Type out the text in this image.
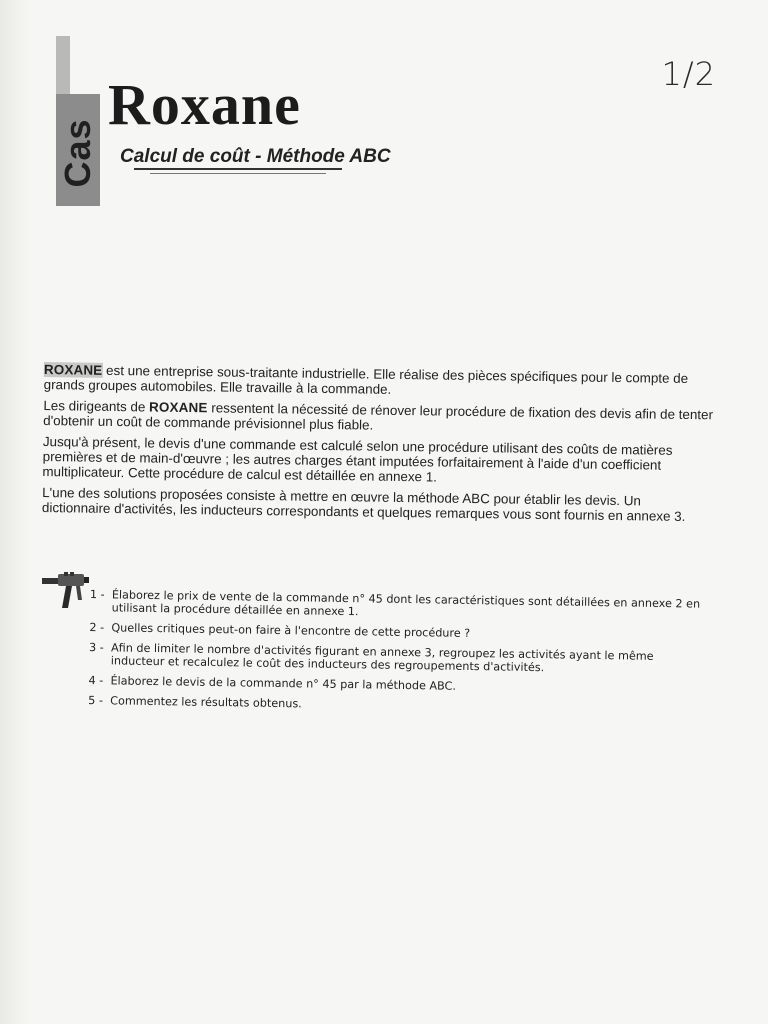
1/2
Cas
Roxane
Calcul de coût - Méthode ABC

ROXANE est une entreprise sous-traitante industrielle. Elle réalise des pièces spécifiques pour le compte de grands groupes automobiles. Elle travaille à la commande.

Les dirigeants de ROXANE ressentent la nécessité de rénover leur procédure de fixation des devis afin de tenter d'obtenir un coût de commande prévisionnel plus fiable.

Jusqu'à présent, le devis d'une commande est calculé selon une procédure utilisant des coûts de matières premières et de main-d'œuvre ; les autres charges étant imputées forfaitairement à l'aide d'un coefficient multiplicateur. Cette procédure de calcul est détaillée en annexe 1.

L'une des solutions proposées consiste à mettre en œuvre la méthode ABC pour établir les devis. Un dictionnaire d'activités, les inducteurs correspondants et quelques remarques vous sont fournis en annexe 3.

1 - Élaborez le prix de vente de la commande n° 45 dont les caractéristiques sont détaillées en annexe 2 en utilisant la procédure détaillée en annexe 1.
2 - Quelles critiques peut-on faire à l'encontre de cette procédure ?
3 - Afin de limiter le nombre d'activités figurant en annexe 3, regroupez les activités ayant le même inducteur et recalculez le coût des inducteurs des regroupements d'activités.
4 - Élaborez le devis de la commande n° 45 par la méthode ABC.
5 - Commentez les résultats obtenus.
